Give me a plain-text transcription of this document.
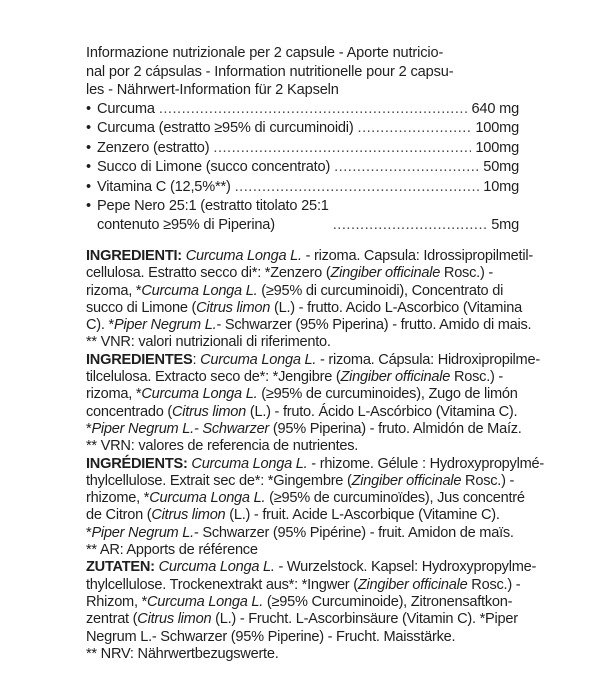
Informazione nutrizionale per 2 capsule - Aporte nutricio-
nal por 2 cápsulas - Information nutritionelle pour 2 capsu-
les - Nährwert-Information für 2 Kapseln
• Curcuma .....	640 mg
• Curcuma (estratto ≥95% di curcuminoidi) .....	100mg
• Zenzero (estratto) .....	100mg
• Succo di Limone (succo concentrato) .....	50mg
• Vitamina C (12,5%**) .....	10mg
• Pepe Nero 25:1 (estratto titolato 25:1
contenuto ≥95% di Piperina) .....	5mg
INGREDIENTI: Curcuma Longa L. - rizoma. Capsula: Idrossipropilmetil-
cellulosa. Estratto secco di*: *Zenzero (Zingiber officinale Rosc.) -
rizoma, *Curcuma Longa L. (≥95% di curcuminoidi), Concentrato di
succo di Limone (Citrus limon (L.) - frutto. Acido L-Ascorbico (Vitamina
C). *Piper Negrum L.- Schwarzer (95% Piperina) - frutto. Amido di mais.
** VNR: valori nutrizionali di riferimento.
INGREDIENTES: Curcuma Longa L. - rizoma. Cápsula: Hidroxipropilme-
tilcelulosa. Extracto seco de*: *Jengibre (Zingiber officinale Rosc.) -
rizoma, *Curcuma Longa L. (≥95% de curcuminoides), Zugo de limón
concentrado (Citrus limon (L.) - fruto. Ácido L-Ascórbico (Vitamina C).
*Piper Negrum L.- Schwarzer (95% Piperina) - fruto. Almidón de Maíz.
** VRN: valores de referencia de nutrientes.
INGRÉDIENTS: Curcuma Longa L. - rhizome. Gélule : Hydroxypropylmé-
thylcellulose. Extrait sec de*: *Gingembre (Zingiber officinale Rosc.) -
rhizome, *Curcuma Longa L. (≥95% de curcuminoïdes), Jus concentré
de Citron (Citrus limon (L.) - fruit. Acide L-Ascorbique (Vitamine C).
*Piper Negrum L.- Schwarzer (95% Pipérine) - fruit. Amidon de maïs.
** AR: Apports de référence
ZUTATEN: Curcuma Longa L. - Wurzelstock. Kapsel: Hydroxypropylme-
thylcellulose. Trockenextrakt aus*: *Ingwer (Zingiber officinale Rosc.) -
Rhizom, *Curcuma Longa L. (≥95% Curcuminoide), Zitronensaftkon-
zentrat (Citrus limon (L.) - Frucht. L-Ascorbinsäure (Vitamin C). *Piper
Negrum L.- Schwarzer (95% Piperine) - Frucht. Maisstärke.
** NRV: Nährwertbezugswerte.
